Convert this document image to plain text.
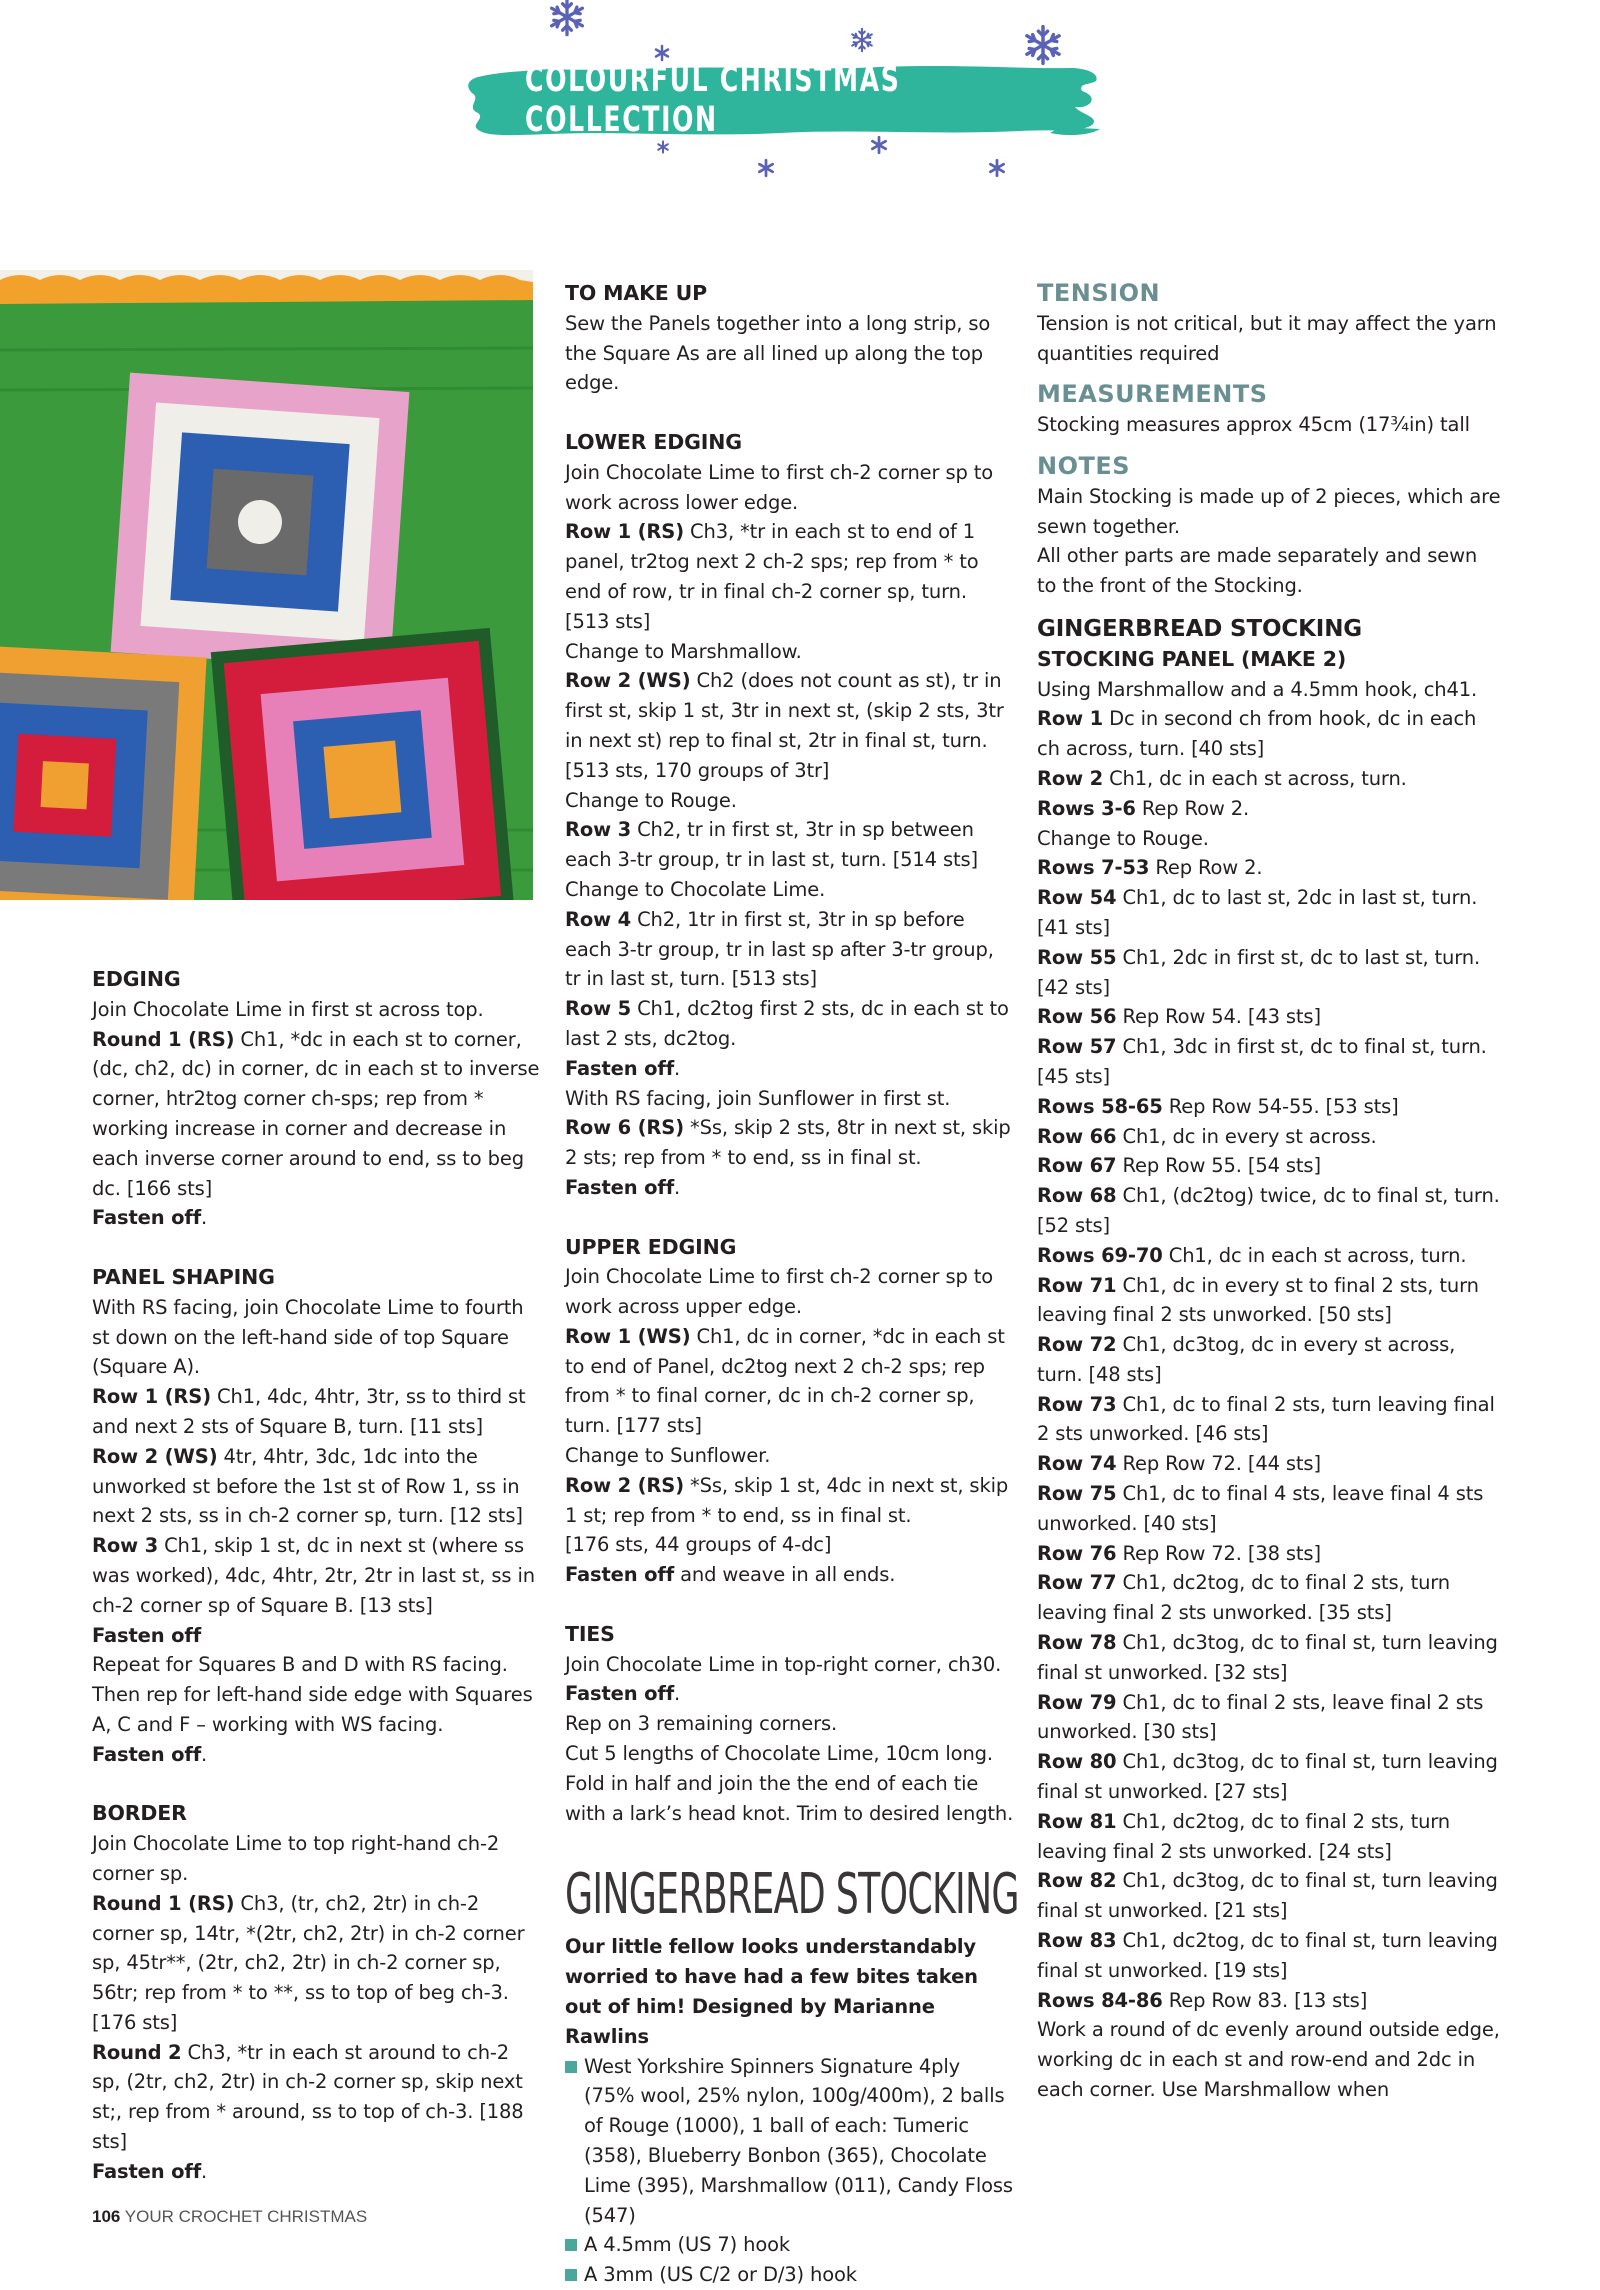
COLOURFUL CHRISTMAS COLLECTION
EDGING

Join Chocolate Lime in first st across top.

Round 1 (RS) Ch1, *dc in each st to corner, (dc, ch2, dc) in corner, dc in each st to inverse corner, htr2tog corner ch-sps; rep from * working increase in corner and decrease in each inverse corner around to end, ss to beg dc. [166 sts]

Fasten off.

PANEL SHAPING

With RS facing, join Chocolate Lime to fourth st down on the left-hand side of top Square (Square A).

Row 1 (RS) Ch1, 4dc, 4htr, 3tr, ss to third st and next 2 sts of Square B, turn. [11 sts]

Row 2 (WS) 4tr, 4htr, 3dc, 1dc into the unworked st before the 1st st of Row 1, ss in next 2 sts, ss in ch-2 corner sp, turn. [12 sts]

Row 3 Ch1, skip 1 st, dc in next st (where ss was worked), 4dc, 4htr, 2tr, 2tr in last st, ss in ch-2 corner sp of Square B. [13 sts]

Fasten off

Repeat for Squares B and D with RS facing.

Then rep for left-hand side edge with Squares A, C and F – working with WS facing.

Fasten off.

BORDER

Join Chocolate Lime to top right-hand ch-2 corner sp.

Round 1 (RS) Ch3, (tr, ch2, 2tr) in ch-2 corner sp, 14tr, *(2tr, ch2, 2tr) in ch-2 corner sp, 45tr**, (2tr, ch2, 2tr) in ch-2 corner sp, 56tr; rep from * to **, ss to top of beg ch-3. [176 sts]

Round 2 Ch3, *tr in each st around to ch-2 sp, (2tr, ch2, 2tr) in ch-2 corner sp, skip next st;, rep from * around, ss to top of ch-3. [188 sts]

Fasten off.

TO MAKE UP

Sew the Panels together into a long strip, so the Square As are all lined up along the top edge.

LOWER EDGING

Join Chocolate Lime to first ch-2 corner sp to work across lower edge.

Row 1 (RS) Ch3, *tr in each st to end of 1 panel, tr2tog next 2 ch-2 sps; rep from * to end of row, tr in final ch-2 corner sp, turn. [513 sts]

Change to Marshmallow.

Row 2 (WS) Ch2 (does not count as st), tr in first st, skip 1 st, 3tr in next st, (skip 2 sts, 3tr in next st) rep to final st, 2tr in final st, turn.

[513 sts, 170 groups of 3tr]

Change to Rouge.

Row 3 Ch2, tr in first st, 3tr in sp between each 3-tr group, tr in last st, turn. [514 sts]

Change to Chocolate Lime.

Row 4 Ch2, 1tr in first st, 3tr in sp before each 3-tr group, tr in last sp after 3-tr group, tr in last st, turn. [513 sts]

Row 5 Ch1, dc2tog first 2 sts, dc in each st to last 2 sts, dc2tog.

Fasten off.

With RS facing, join Sunflower in first st.

Row 6 (RS) *Ss, skip 2 sts, 8tr in next st, skip 2 sts; rep from * to end, ss in final st.

Fasten off.

UPPER EDGING

Join Chocolate Lime to first ch-2 corner sp to work across upper edge.

Row 1 (WS) Ch1, dc in corner, *dc in each st to end of Panel, dc2tog next 2 ch-2 sps; rep from * to final corner, dc in ch-2 corner sp, turn. [177 sts]

Change to Sunflower.

Row 2 (RS) *Ss, skip 1 st, 4dc in next st, skip 1 st; rep from * to end, ss in final st.

[176 sts, 44 groups of 4-dc]

Fasten off and weave in all ends.

TIES

Join Chocolate Lime in top-right corner, ch30.

Fasten off.

Rep on 3 remaining corners.

Cut 5 lengths of Chocolate Lime, 10cm long. Fold in half and join the the end of each tie with a lark’s head knot. Trim to desired length.

GINGERBREAD STOCKING

Our little fellow looks understandably worried to have had a few bites taken out of him! Designed by Marianne Rawlins

West Yorkshire Spinners Signature 4ply (75% wool, 25% nylon, 100g/400m), 2 balls of Rouge (1000), 1 ball of each: Tumeric (358), Blueberry Bonbon (365), Chocolate Lime (395), Marshmallow (011), Candy Floss (547)

A 4.5mm (US 7) hook

A 3mm (US C/2 or D/3) hook

TENSION

Tension is not critical, but it may affect the yarn quantities required

MEASUREMENTS

Stocking measures approx 45cm (17¾in) tall

NOTES

Main Stocking is made up of 2 pieces, which are sewn together.

All other parts are made separately and sewn to the front of the Stocking.

GINGERBREAD STOCKING
STOCKING PANEL (MAKE 2)

Using Marshmallow and a 4.5mm hook, ch41.

Row 1 Dc in second ch from hook, dc in each ch across, turn. [40 sts]

Row 2 Ch1, dc in each st across, turn.

Rows 3-6 Rep Row 2.

Change to Rouge.

Rows 7-53 Rep Row 2.

Row 54 Ch1, dc to last st, 2dc in last st, turn. [41 sts]

Row 55 Ch1, 2dc in first st, dc to last st, turn. [42 sts]

Row 56 Rep Row 54. [43 sts]

Row 57 Ch1, 3dc in first st, dc to final st, turn. [45 sts]

Rows 58-65 Rep Row 54-55. [53 sts]

Row 66 Ch1, dc in every st across.

Row 67 Rep Row 55. [54 sts]

Row 68 Ch1, (dc2tog) twice, dc to final st, turn. [52 sts]

Rows 69-70 Ch1, dc in each st across, turn.

Row 71 Ch1, dc in every st to final 2 sts, turn leaving final 2 sts unworked. [50 sts]

Row 72 Ch1, dc3tog, dc in every st across, turn. [48 sts]

Row 73 Ch1, dc to final 2 sts, turn leaving final 2 sts unworked. [46 sts]

Row 74 Rep Row 72. [44 sts]

Row 75 Ch1, dc to final 4 sts, leave final 4 sts unworked. [40 sts]

Row 76 Rep Row 72. [38 sts]

Row 77 Ch1, dc2tog, dc to final 2 sts, turn leaving final 2 sts unworked. [35 sts]

Row 78 Ch1, dc3tog, dc to final st, turn leaving final st unworked. [32 sts]

Row 79 Ch1, dc to final 2 sts, leave final 2 sts unworked. [30 sts]

Row 80 Ch1, dc3tog, dc to final st, turn leaving final st unworked. [27 sts]

Row 81 Ch1, dc2tog, dc to final 2 sts, turn leaving final 2 sts unworked. [24 sts]

Row 82 Ch1, dc3tog, dc to final st, turn leaving final st unworked. [21 sts]

Row 83 Ch1, dc2tog, dc to final st, turn leaving final st unworked. [19 sts]

Rows 84-86 Rep Row 83. [13 sts]

Work a round of dc evenly around outside edge, working dc in each st and row-end and 2dc in each corner. Use Marshmallow when

106 YOUR CROCHET CHRISTMAS
